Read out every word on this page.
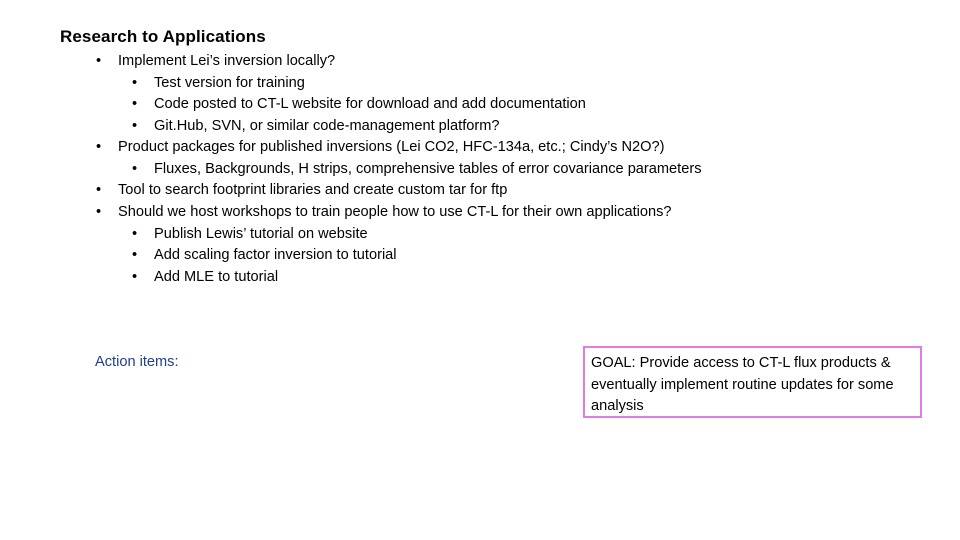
Research to Applications
•	Implement Lei’s inversion locally?
•	Test version for training
•	Code posted to CT-L website for download and add documentation
•	Git.Hub, SVN, or similar code-management platform?
•	Product packages for published inversions (Lei CO2, HFC-134a, etc.; Cindy’s N2O?)
•	Fluxes, Backgrounds, H strips, comprehensive tables of error covariance parameters
•	Tool to search footprint libraries and create custom tar for ftp
•	Should we host workshops to train people how to use CT-L for their own applications?
•	Publish Lewis’ tutorial on website
•	Add scaling factor inversion to tutorial
•	Add MLE to tutorial
Action items:	GOAL: Provide access to CT-L flux products & eventually implement routine updates for some analysis
